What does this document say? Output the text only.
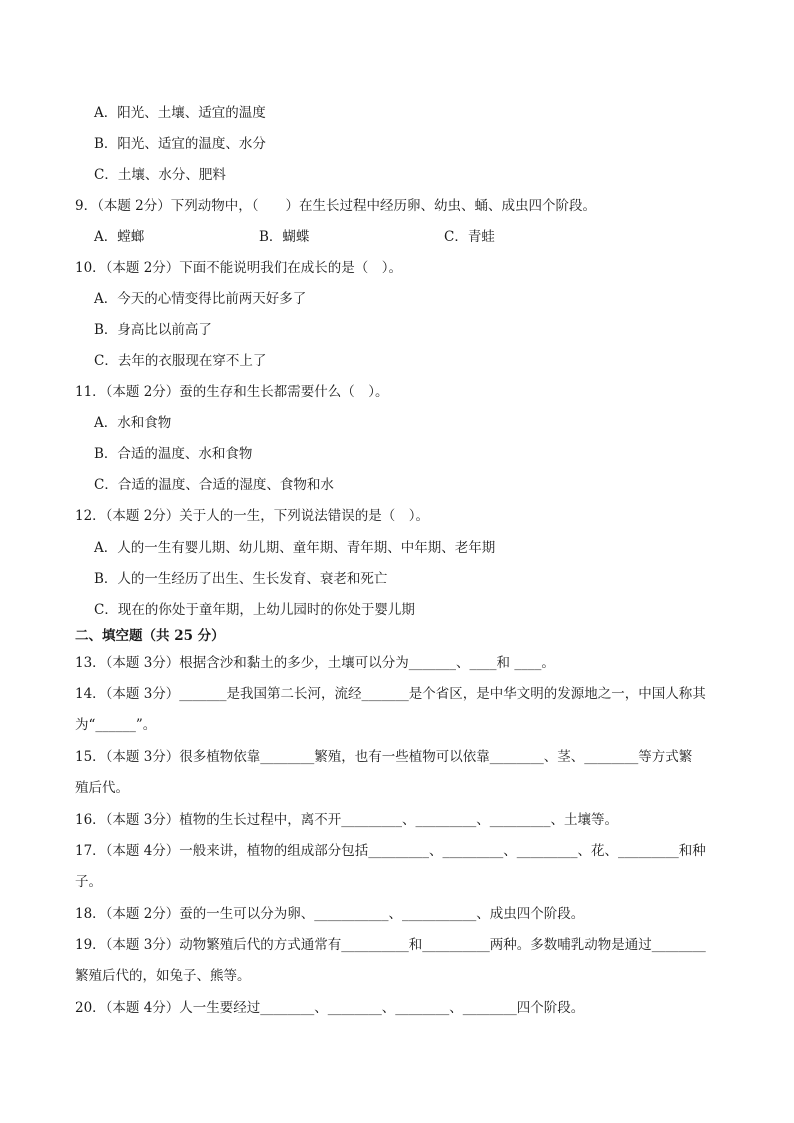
A．阳光、土壤、适宜的温度
B．阳光、适宜的温度、水分
C．土壤、水分、肥料
9．（本题 2分）下列动物中，（　　）在生长过程中经历卵、幼虫、蛹、成虫四个阶段。
A．螳螂	B．蝴蝶	C．青蛙
10．（本题 2分）下面不能说明我们在成长的是（　）。
A．今天的心情变得比前两天好多了
B．身高比以前高了
C．去年的衣服现在穿不上了
11．（本题 2分）蚕的生存和生长都需要什么（　）。
A．水和食物
B．合适的温度、水和食物
C．合适的温度、合适的湿度、食物和水
12．（本题 2分）关于人的一生，下列说法错误的是（　）。
A．人的一生有婴儿期、幼儿期、童年期、青年期、中年期、老年期
B．人的一生经历了出生、生长发育、衰老和死亡
C．现在的你处于童年期，上幼儿园时的你处于婴儿期
二、填空题（共 25 分）
13．（本题 3分）根据含沙和黏土的多少，土壤可以分为_______、____和 ____。
14．（本题 3分）_______是我国第二长河，流经_______是个省区，是中华文明的发源地之一，中国人称其
为“______”。
15．（本题 3分）很多植物依靠________繁殖，也有一些植物可以依靠________、茎、________等方式繁
殖后代。
16．（本题 3分）植物的生长过程中，离不开_________、_________、_________、土壤等。
17．（本题 4分）一般来讲，植物的组成部分包括_________、_________、_________、花、_________和种
子。
18．（本题 2分）蚕的一生可以分为卵、___________、___________、成虫四个阶段。
19．（本题 3分）动物繁殖后代的方式通常有__________和__________两种。多数哺乳动物是通过________
繁殖后代的，如兔子、熊等。
20．（本题 4分）人一生要经过________、________、________、________四个阶段。
